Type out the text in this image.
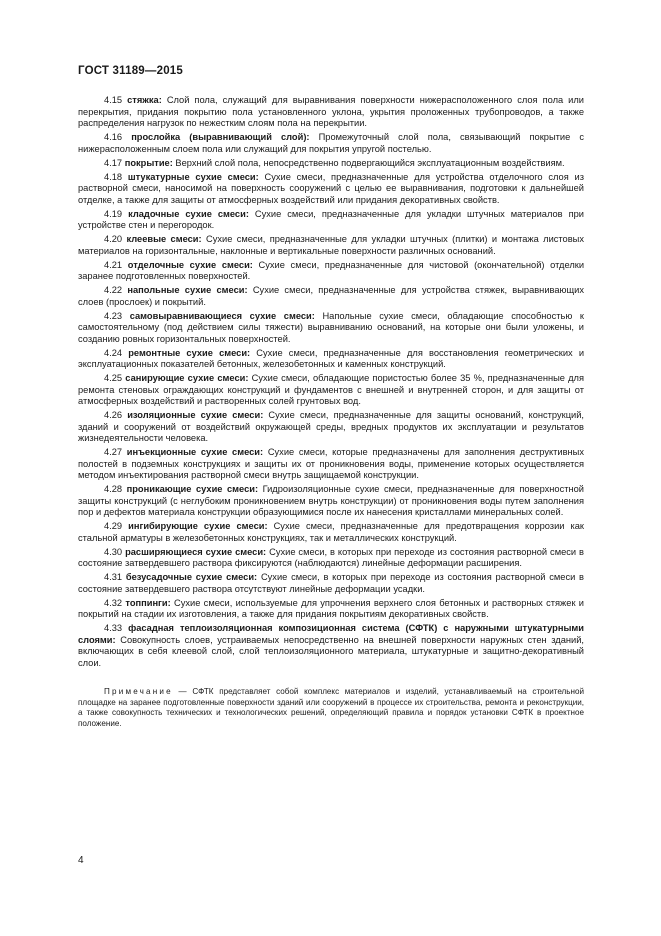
ГОСТ 31189—2015

4.15 стяжка: Слой пола, служащий для выравнивания поверхности нижерасположенного слоя пола или перекрытия, придания покрытию пола установленного уклона, укрытия проложенных трубопроводов, а также распределения нагрузок по нежестким слоям пола на перекрытии.

4.16 прослойка (выравнивающий слой): Промежуточный слой пола, связывающий покрытие с нижерасположенным слоем пола или служащий для покрытия упругой постелью.

4.17 покрытие: Верхний слой пола, непосредственно подвергающийся эксплуатационным воздействиям.

4.18 штукатурные сухие смеси: Сухие смеси, предназначенные для устройства отделочного слоя из растворной смеси, наносимой на поверхность сооружений с целью ее выравнивания, подготовки к дальнейшей отделке, а также для защиты от атмосферных воздействий или придания декоративных свойств.

4.19 кладочные сухие смеси: Сухие смеси, предназначенные для укладки штучных материалов при устройстве стен и перегородок.

4.20 клеевые смеси: Сухие смеси, предназначенные для укладки штучных (плитки) и монтажа листовых материалов на горизонтальные, наклонные и вертикальные поверхности различных оснований.

4.21 отделочные сухие смеси: Сухие смеси, предназначенные для чистовой (окончательной) отделки заранее подготовленных поверхностей.

4.22 напольные сухие смеси: Сухие смеси, предназначенные для устройства стяжек, выравнивающих слоев (прослоек) и покрытий.

4.23 самовыравнивающиеся сухие смеси: Напольные сухие смеси, обладающие способностью к самостоятельному (под действием силы тяжести) выравниванию оснований, на которые они были уложены, и созданию ровных горизонтальных поверхностей.

4.24 ремонтные сухие смеси: Сухие смеси, предназначенные для восстановления геометрических и эксплуатационных показателей бетонных, железобетонных и каменных конструкций.

4.25 санирующие сухие смеси: Сухие смеси, обладающие пористостью более 35 %, предназначенные для ремонта стеновых ограждающих конструкций и фундаментов с внешней и внутренней сторон, и для защиты от атмосферных воздействий и растворенных солей грунтовых вод.

4.26 изоляционные сухие смеси: Сухие смеси, предназначенные для защиты оснований, конструкций, зданий и сооружений от воздействий окружающей среды, вредных продуктов их эксплуатации и результатов жизнедеятельности человека.

4.27 инъекционные сухие смеси: Сухие смеси, которые предназначены для заполнения деструктивных полостей в подземных конструкциях и защиты их от проникновения воды, применение которых осуществляется методом инъектирования растворной смеси внутрь защищаемой конструкции.

4.28 проникающие сухие смеси: Гидроизоляционные сухие смеси, предназначенные для поверхностной защиты конструкций (с неглубоким проникновением внутрь конструкции) от проникновения воды путем заполнения пор и дефектов материала конструкции образующимися после их нанесения кристаллами минеральных солей.

4.29 ингибирующие сухие смеси: Сухие смеси, предназначенные для предотвращения коррозии как стальной арматуры в железобетонных конструкциях, так и металлических конструкций.

4.30 расширяющиеся сухие смеси: Сухие смеси, в которых при переходе из состояния растворной смеси в состояние затвердевшего раствора фиксируются (наблюдаются) линейные деформации расширения.

4.31 безусадочные сухие смеси: Сухие смеси, в которых при переходе из состояния растворной смеси в состояние затвердевшего раствора отсутствуют линейные деформации усадки.

4.32 топпинги: Сухие смеси, используемые для упрочнения верхнего слоя бетонных и растворных стяжек и покрытий на стадии их изготовления, а также для придания покрытиям декоративных свойств.

4.33 фасадная теплоизоляционная композиционная система (СФТК) с наружными штукатурными слоями: Совокупность слоев, устраиваемых непосредственно на внешней поверхности наружных стен зданий, включающих в себя клеевой слой, слой теплоизоляционного материала, штукатурные и защитно-декоративный слои.

Примечание — СФТК представляет собой комплекс материалов и изделий, устанавливаемый на строительной площадке на заранее подготовленные поверхности зданий или сооружений в процессе их строительства, ремонта и реконструкции, а также совокупность технических и технологических решений, определяющий правила и порядок установки СФТК в проектное положение.

4
